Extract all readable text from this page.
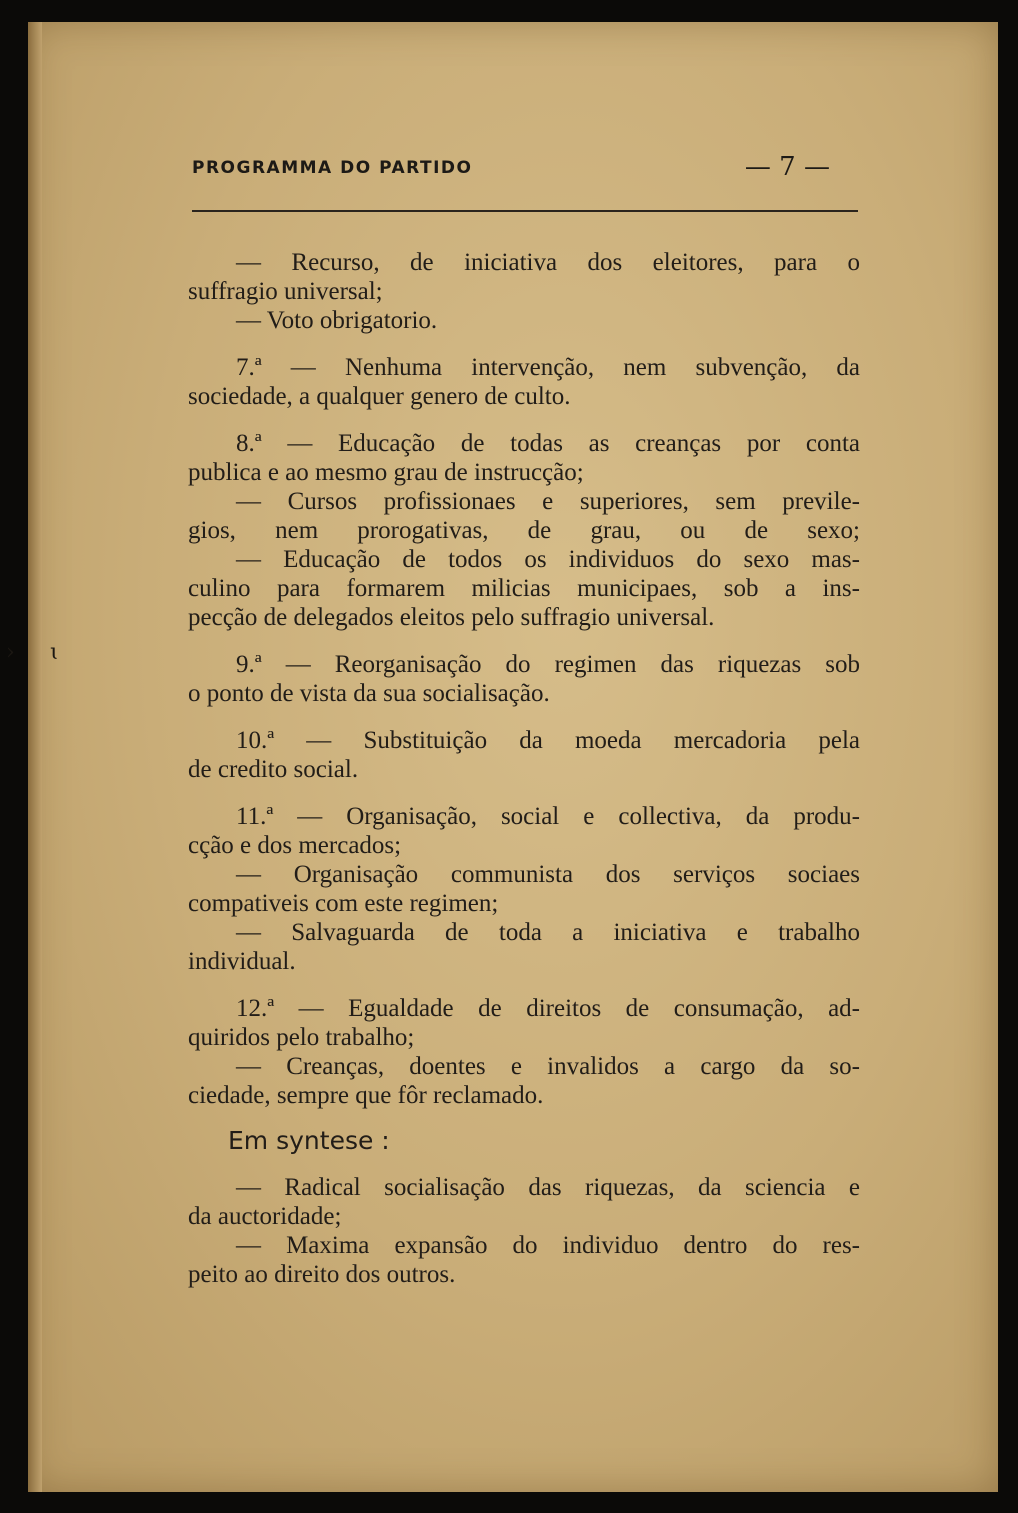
› ɩ
PROGRAMMA DO PARTIDO	— 7 —
— Recurso, de iniciativa dos eleitores, para o
suffragio universal;
— Voto obrigatorio.
7.ª — Nenhuma intervenção, nem subvenção, da
sociedade, a qualquer genero de culto.
8.ª — Educação de todas as creanças por conta
publica e ao mesmo grau de instrucção;
— Cursos profissionaes e superiores, sem previle-
gios, nem prorogativas, de grau, ou de sexo;
— Educação de todos os individuos do sexo mas-
culino para formarem milicias municipaes, sob a ins-
pecção de delegados eleitos pelo suffragio universal.
9.ª — Reorganisação do regimen das riquezas sob
o ponto de vista da sua socialisação.
10.ª — Substituição da moeda mercadoria pela
de credito social.
11.ª — Organisação, social e collectiva, da produ-
cção e dos mercados;
— Organisação communista dos serviços sociaes
compativeis com este regimen;
— Salvaguarda de toda a iniciativa e trabalho
individual.
12.ª — Egualdade de direitos de consumação, ad-
quiridos pelo trabalho;
— Creanças, doentes e invalidos a cargo da so-
ciedade, sempre que fôr reclamado.
Em syntese :
— Radical socialisação das riquezas, da sciencia e
da auctoridade;
— Maxima expansão do individuo dentro do res-
peito ao direito dos outros.
